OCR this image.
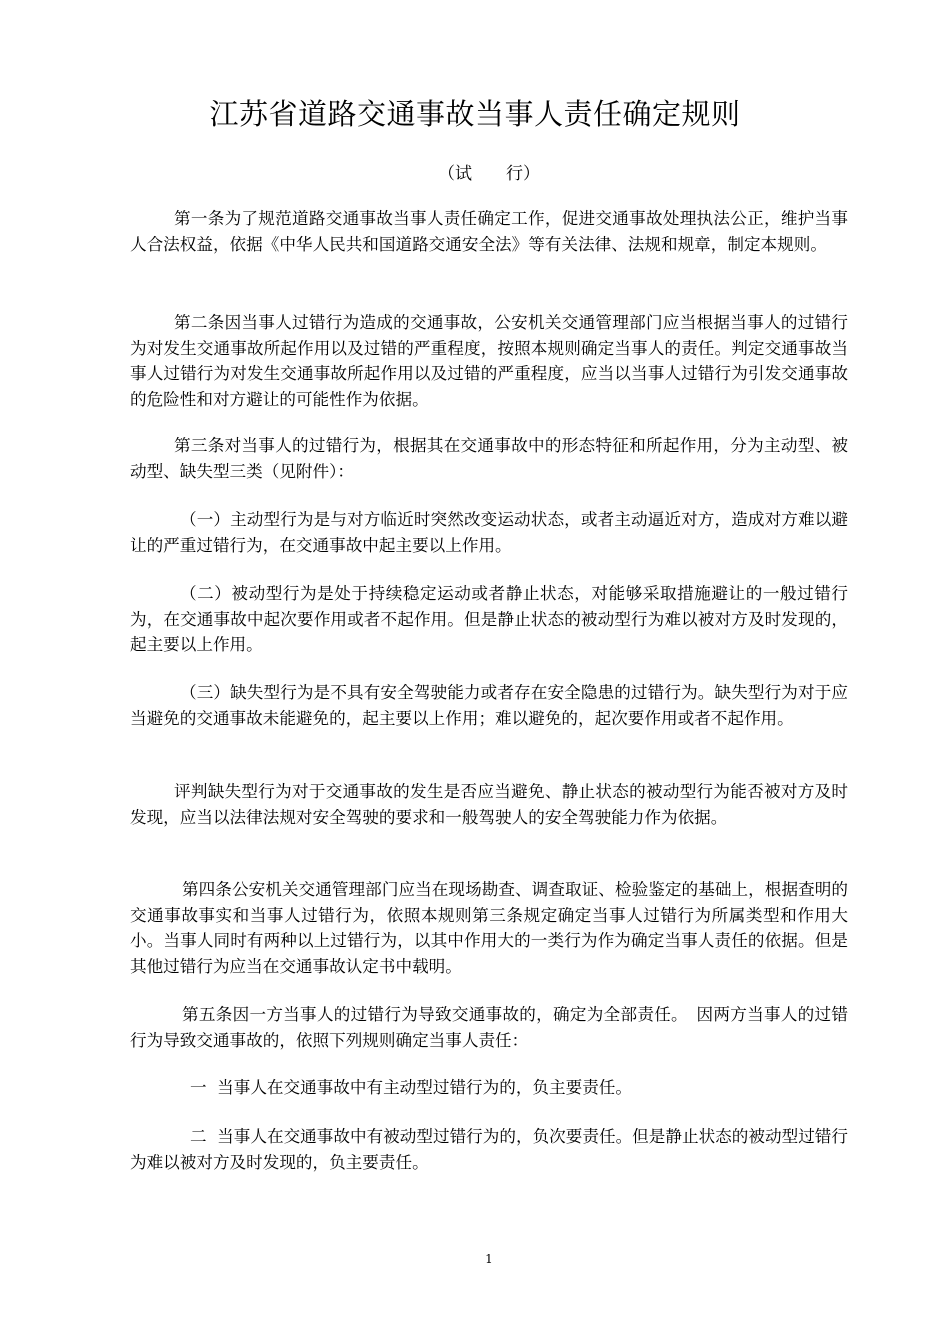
江苏省道路交通事故当事人责任确定规则
（试　　行）

第一条为了规范道路交通事故当事人责任确定工作，促进交通事故处理执法公正，维护当事人合法权益，依据《中华人民共和国道路交通安全法》等有关法律、法规和规章，制定本规则。

第二条因当事人过错行为造成的交通事故，公安机关交通管理部门应当根据当事人的过错行为对发生交通事故所起作用以及过错的严重程度，按照本规则确定当事人的责任。判定交通事故当事人过错行为对发生交通事故所起作用以及过错的严重程度，应当以当事人过错行为引发交通事故的危险性和对方避让的可能性作为依据。

第三条对当事人的过错行为，根据其在交通事故中的形态特征和所起作用，分为主动型、被动型、缺失型三类（见附件）：

（一）主动型行为是与对方临近时突然改变运动状态，或者主动逼近对方，造成对方难以避让的严重过错行为，在交通事故中起主要以上作用。

（二）被动型行为是处于持续稳定运动或者静止状态，对能够采取措施避让的一般过错行为，在交通事故中起次要作用或者不起作用。但是静止状态的被动型行为难以被对方及时发现的，起主要以上作用。

（三）缺失型行为是不具有安全驾驶能力或者存在安全隐患的过错行为。缺失型行为对于应当避免的交通事故未能避免的，起主要以上作用；难以避免的，起次要作用或者不起作用。

评判缺失型行为对于交通事故的发生是否应当避免、静止状态的被动型行为能否被对方及时发现，应当以法律法规对安全驾驶的要求和一般驾驶人的安全驾驶能力作为依据。

第四条公安机关交通管理部门应当在现场勘查、调查取证、检验鉴定的基础上，根据查明的交通事故事实和当事人过错行为，依照本规则第三条规定确定当事人过错行为所属类型和作用大小。当事人同时有两种以上过错行为，以其中作用大的一类行为作为确定当事人责任的依据。但是其他过错行为应当在交通事故认定书中载明。

第五条因一方当事人的过错行为导致交通事故的，确定为全部责任。　因两方当事人的过错行为导致交通事故的，依照下列规则确定当事人责任：

一  当事人在交通事故中有主动型过错行为的，负主要责任。

二  当事人在交通事故中有被动型过错行为的，负次要责任。但是静止状态的被动型过错行为难以被对方及时发现的，负主要责任。

1
